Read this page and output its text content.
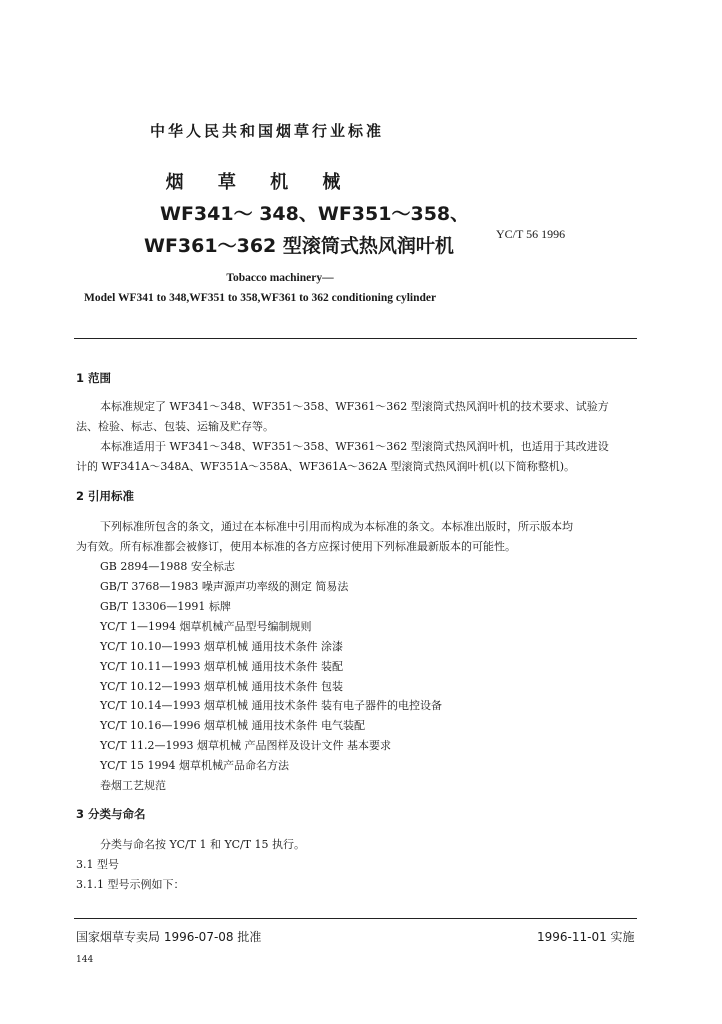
中华人民共和国烟草行业标准
烟 草 机 械
WF341～ 348、WF351～358、
WF361～362 型滚筒式热风润叶机
YC/T 56 1996
Tobacco machinery—
Model WF341 to 348,WF351 to 358,WF361 to 362 conditioning cylinder
1 范围
本标准规定了 WF341～348、WF351～358、WF361～362 型滚筒式热风润叶机的技术要求、试验方
法、检验、标志、包装、运输及贮存等。
本标准适用于 WF341～348、WF351～358、WF361～362 型滚筒式热风润叶机，也适用于其改进设
计的 WF341A～348A、WF351A～358A、WF361A～362A 型滚筒式热风润叶机(以下简称整机)。
2 引用标准
下列标准所包含的条文，通过在本标准中引用而构成为本标准的条文。本标准出版时，所示版本均
为有效。所有标准都会被修订，使用本标准的各方应探讨使用下列标准最新版本的可能性。
GB 2894—1988 安全标志
GB/T 3768—1983 噪声源声功率级的测定 简易法
GB/T 13306—1991 标牌
YC/T 1—1994 烟草机械产品型号编制规则
YC/T 10.10—1993 烟草机械 通用技术条件 涂漆
YC/T 10.11—1993 烟草机械 通用技术条件 装配
YC/T 10.12—1993 烟草机械 通用技术条件 包装
YC/T 10.14—1993 烟草机械 通用技术条件 装有电子器件的电控设备
YC/T 10.16—1996 烟草机械 通用技术条件 电气装配
YC/T 11.2—1993 烟草机械 产品图样及设计文件 基本要求
YC/T 15 1994 烟草机械产品命名方法
卷烟工艺规范
3 分类与命名
分类与命名按 YC/T 1 和 YC/T 15 执行。
3.1 型号
3.1.1 型号示例如下：
国家烟草专卖局 1996-07-08 批准	1996-11-01 实施
144
